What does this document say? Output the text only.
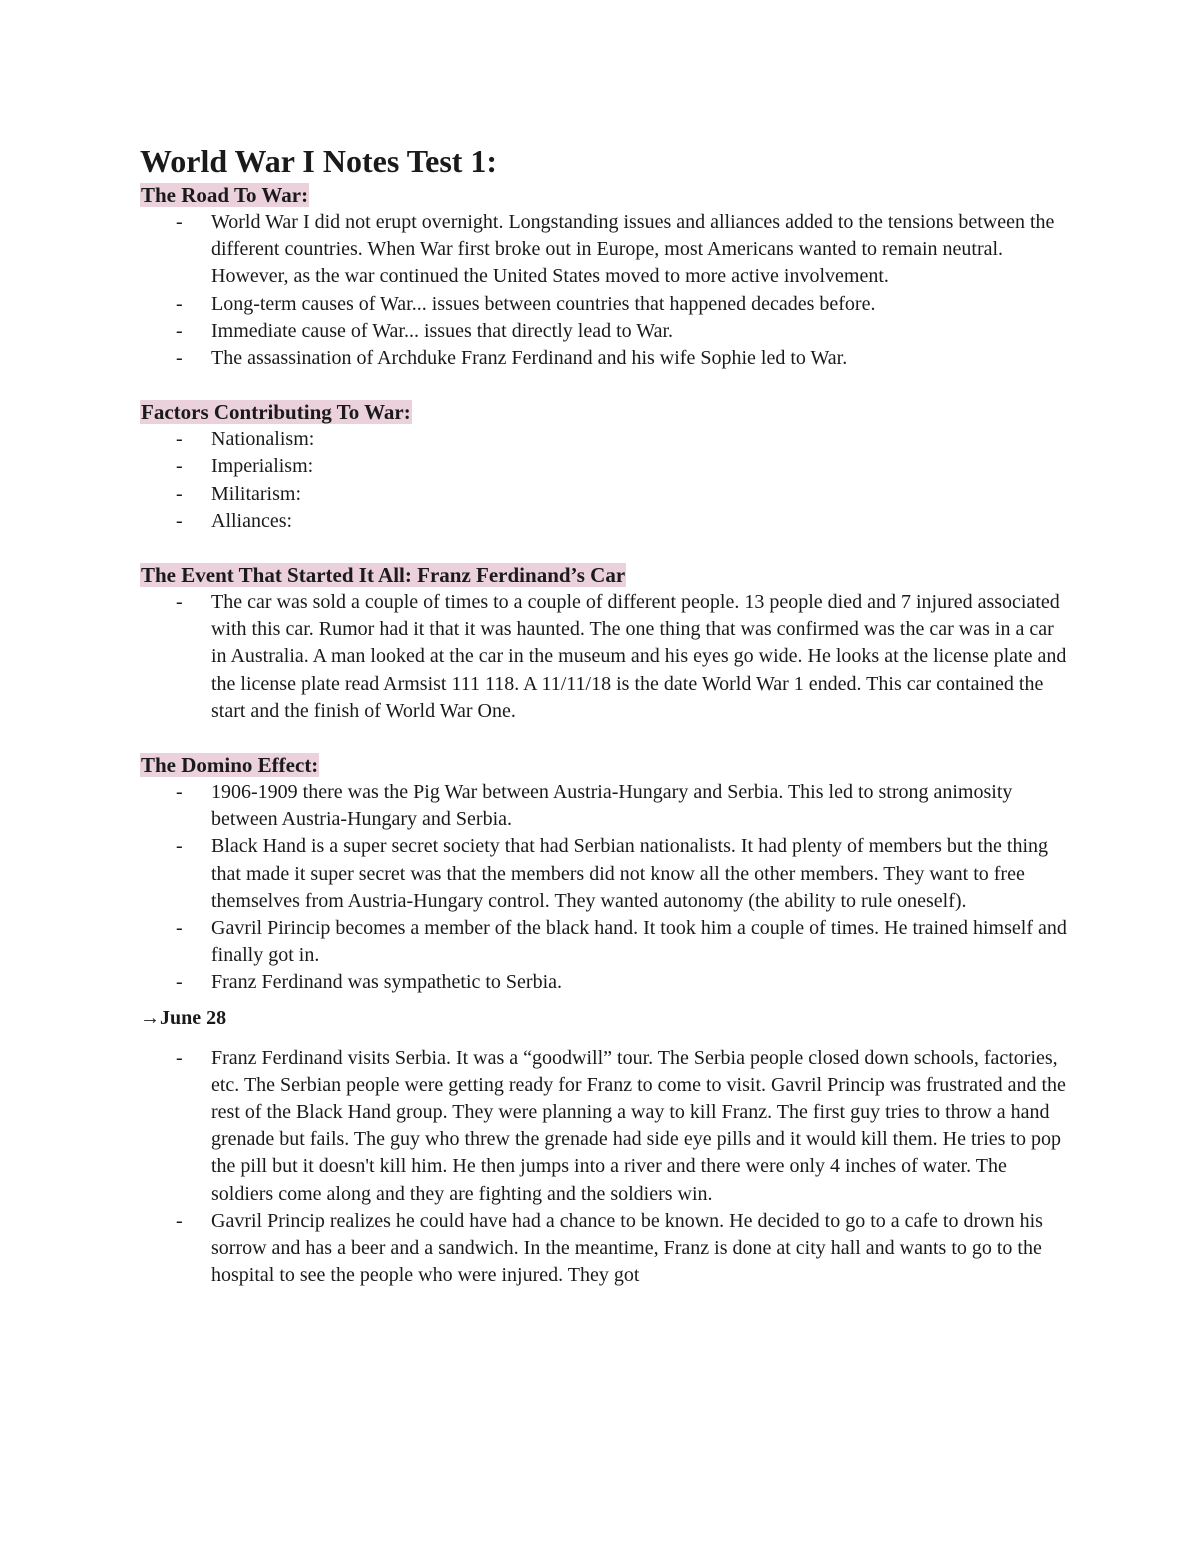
World War I Notes Test 1:
The Road To War:
- World War I did not erupt overnight. Longstanding issues and alliances added to the tensions between the different countries. When War first broke out in Europe, most Americans wanted to remain neutral. However, as the war continued the United States moved to more active involvement.
- Long-term causes of War... issues between countries that happened decades before.
- Immediate cause of War... issues that directly lead to War.
- The assassination of Archduke Franz Ferdinand and his wife Sophie led to War.
Factors Contributing To War:
- Nationalism:
- Imperialism:
- Militarism:
- Alliances:
The Event That Started It All: Franz Ferdinand’s Car
- The car was sold a couple of times to a couple of different people. 13 people died and 7 injured associated with this car. Rumor had it that it was haunted. The one thing that was confirmed was the car was in a car in Australia. A man looked at the car in the museum and his eyes go wide. He looks at the license plate and the license plate read Armsist 111 118. A 11/11/18 is the date World War 1 ended. This car contained the start and the finish of World War One.
The Domino Effect:
- 1906-1909 there was the Pig War between Austria-Hungary and Serbia. This led to strong animosity between Austria-Hungary and Serbia.
- Black Hand is a super secret society that had Serbian nationalists. It had plenty of members but the thing that made it super secret was that the members did not know all the other members. They want to free themselves from Austria-Hungary control. They wanted autonomy (the ability to rule oneself).
- Gavril Pirincip becomes a member of the black hand. It took him a couple of times. He trained himself and finally got in.
- Franz Ferdinand was sympathetic to Serbia.
→June 28
- Franz Ferdinand visits Serbia. It was a “goodwill” tour. The Serbia people closed down schools, factories, etc. The Serbian people were getting ready for Franz to come to visit. Gavril Princip was frustrated and the rest of the Black Hand group. They were planning a way to kill Franz. The first guy tries to throw a hand grenade but fails. The guy who threw the grenade had side eye pills and it would kill them. He tries to pop the pill but it doesn't kill him. He then jumps into a river and there were only 4 inches of water. The soldiers come along and they are fighting and the soldiers win.
- Gavril Princip realizes he could have had a chance to be known. He decided to go to a cafe to drown his sorrow and has a beer and a sandwich. In the meantime, Franz is done at city hall and wants to go to the hospital to see the people who were injured. They got
